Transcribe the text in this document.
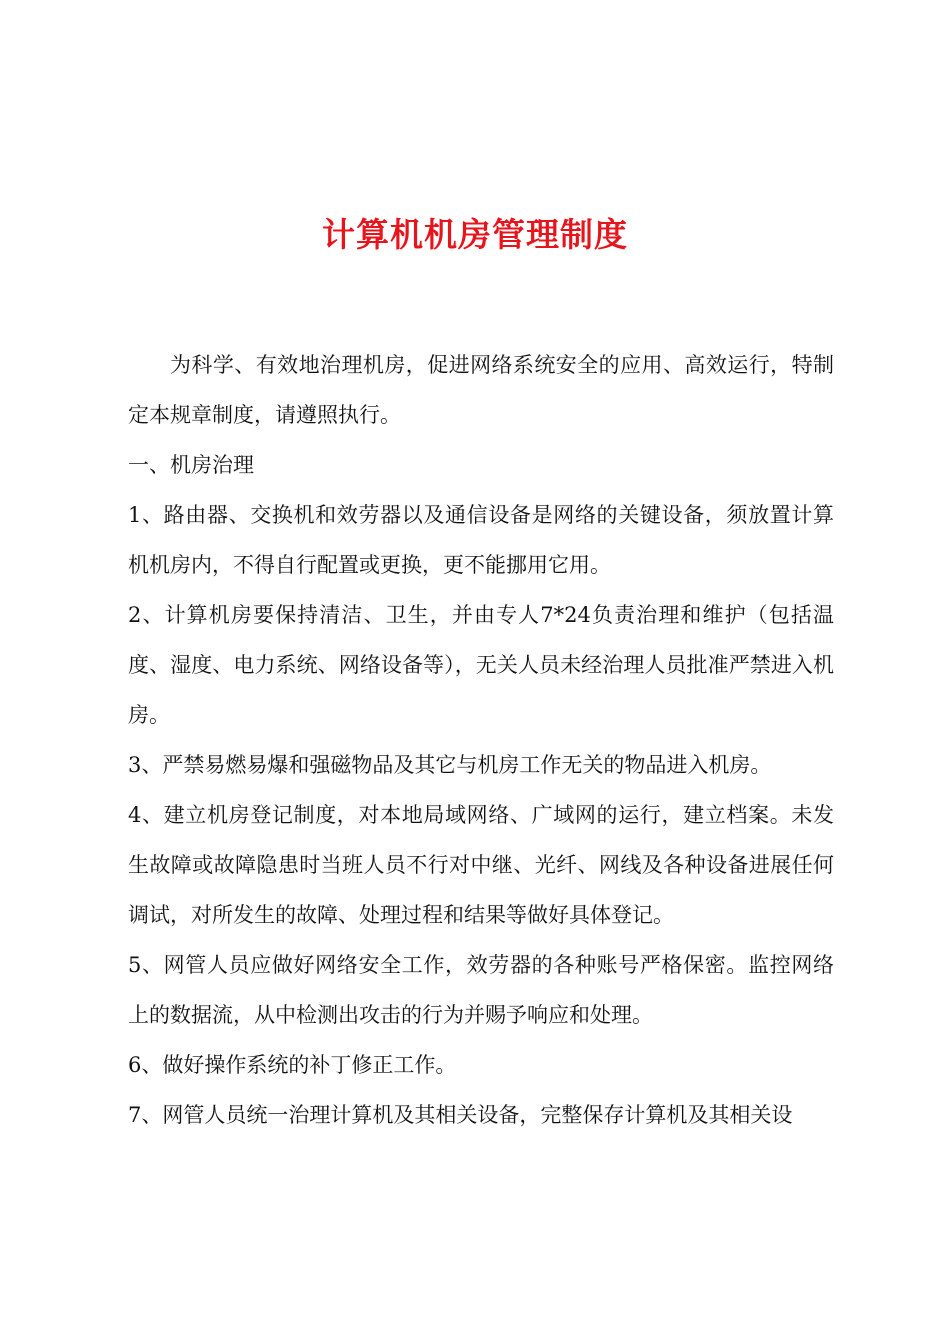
计算机机房管理制度

为科学、有效地治理机房，促进网络系统安全的应用、高效运行，特制定本规章制度，请遵照执行。

一、机房治理

1、路由器、交换机和效劳器以及通信设备是网络的关键设备，须放置计算机机房内，不得自行配置或更换，更不能挪用它用。

2、计算机房要保持清洁、卫生，并由专人7*24负责治理和维护（包括温度、湿度、电力系统、网络设备等），无关人员未经治理人员批准严禁进入机房。

3、严禁易燃易爆和强磁物品及其它与机房工作无关的物品进入机房。

4、建立机房登记制度，对本地局域网络、广域网的运行，建立档案。未发生故障或故障隐患时当班人员不行对中继、光纤、网线及各种设备进展任何调试，对所发生的故障、处理过程和结果等做好具体登记。

5、网管人员应做好网络安全工作，效劳器的各种账号严格保密。监控网络上的数据流，从中检测出攻击的行为并赐予响应和处理。

6、做好操作系统的补丁修正工作。

7、网管人员统一治理计算机及其相关设备，完整保存计算机及其相关设
